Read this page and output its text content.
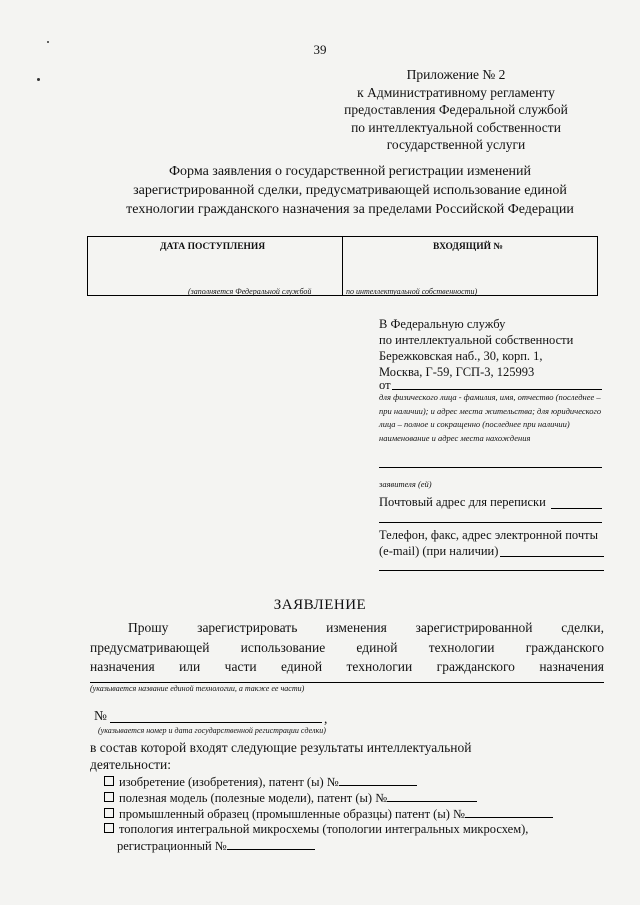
39
Приложение № 2
к Административному регламенту
предоставления Федеральной службой
по интеллектуальной собственности
государственной услуги
Форма заявления о государственной регистрации изменений
зарегистрированной сделки, предусматривающей использование единой
технологии гражданского назначения за пределами Российской Федерации
ДАТА ПОСТУПЛЕНИЯ	ВХОДЯЩИЙ №
(заполняется Федеральной службой	по интеллектуальной собственности)
В Федеральную службу
по интеллектуальной собственности
Бережковская наб., 30, корп. 1,
Москва, Г-59, ГСП-3, 125993
от
для физического лица - фамилия, имя, отчество (последнее – при наличии); и адрес места жительства; для юридического лица – полное и сокращенно (последнее при наличии) наименование и адрес места нахождения
заявителя (ей)
Почтовый адрес для переписки
Телефон, факс, адрес электронной почты
(e-mail) (при наличии)
ЗАЯВЛЕНИЕ
Прошу зарегистрировать изменения зарегистрированной сделки,
предусматривающей использование единой технологии гражданского
назначения или части единой технологии гражданского назначения
(указывается название единой технологии, а также ее части)
№	,
(указывается номер и дата государственной регистрации сделки)
в состав которой входят следующие результаты интеллектуальной
деятельности:
изобретение (изобретения), патент (ы) №
полезная модель (полезные модели), патент (ы) №
промышленный образец (промышленные образцы) патент (ы) №
топология интегральной микросхемы (топологии интегральных микросхем),
регистрационный №
